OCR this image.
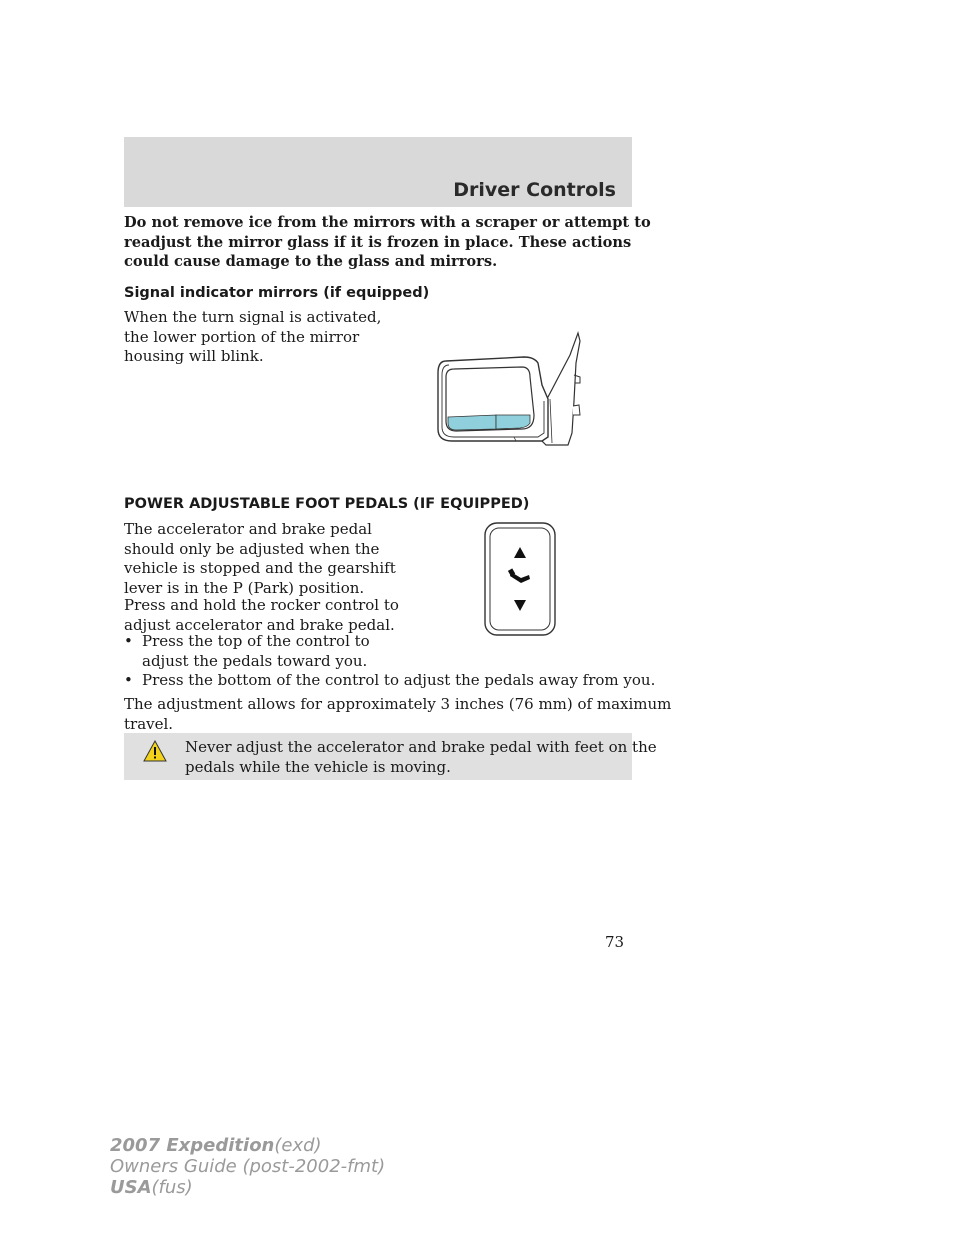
Driver Controls
Do not remove ice from the mirrors with a scraper or attempt to
readjust the mirror glass if it is frozen in place. These actions
could cause damage to the glass and mirrors.
Signal indicator mirrors (if equipped)
When the turn signal is activated,
the lower portion of the mirror
housing will blink.
POWER ADJUSTABLE FOOT PEDALS (IF EQUIPPED)
The accelerator and brake pedal
should only be adjusted when the
vehicle is stopped and the gearshift
lever is in the P (Park) position.
Press and hold the rocker control to
adjust accelerator and brake pedal.
• Press the top of the control to
adjust the pedals toward you.
• Press the bottom of the control to adjust the pedals away from you.
The adjustment allows for approximately 3 inches (76 mm) of maximum
travel.
Never adjust the accelerator and brake pedal with feet on the
pedals while the vehicle is moving.
73
2007 Expedition(exd)
Owners Guide (post-2002-fmt)
USA(fus)
